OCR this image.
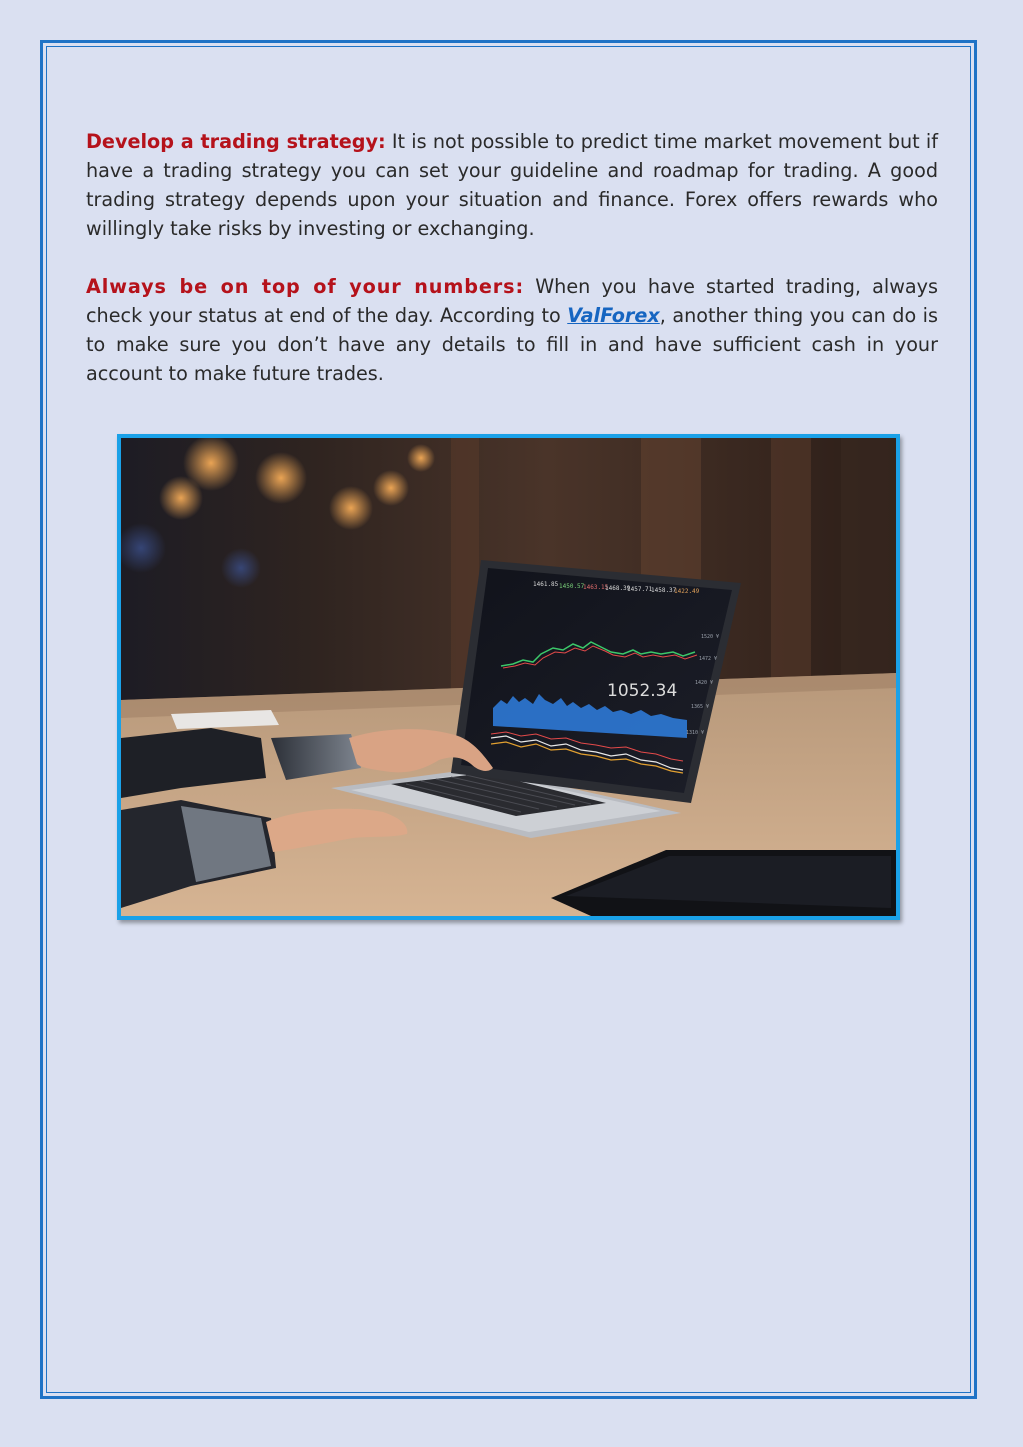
Develop a trading strategy: It is not possible to predict time market movement but if have a trading strategy you can set your guideline and roadmap for trading. A good trading strategy depends upon your situation and finance. Forex offers rewards who willingly take risks by investing or exchanging.

Always be on top of your numbers: When you have started trading, always check your status at end of the day. According to ValForex, another thing you can do is to make sure you don’t have any details to fill in and have sufficient cash in your account to make future trades.

1461.85 1450.57
1463.15
1468.39
1457.71
1458.37
1422.49
1052.34
1520 ¥
1472 ¥
1420 ¥
1365 ¥
1310 ¥
